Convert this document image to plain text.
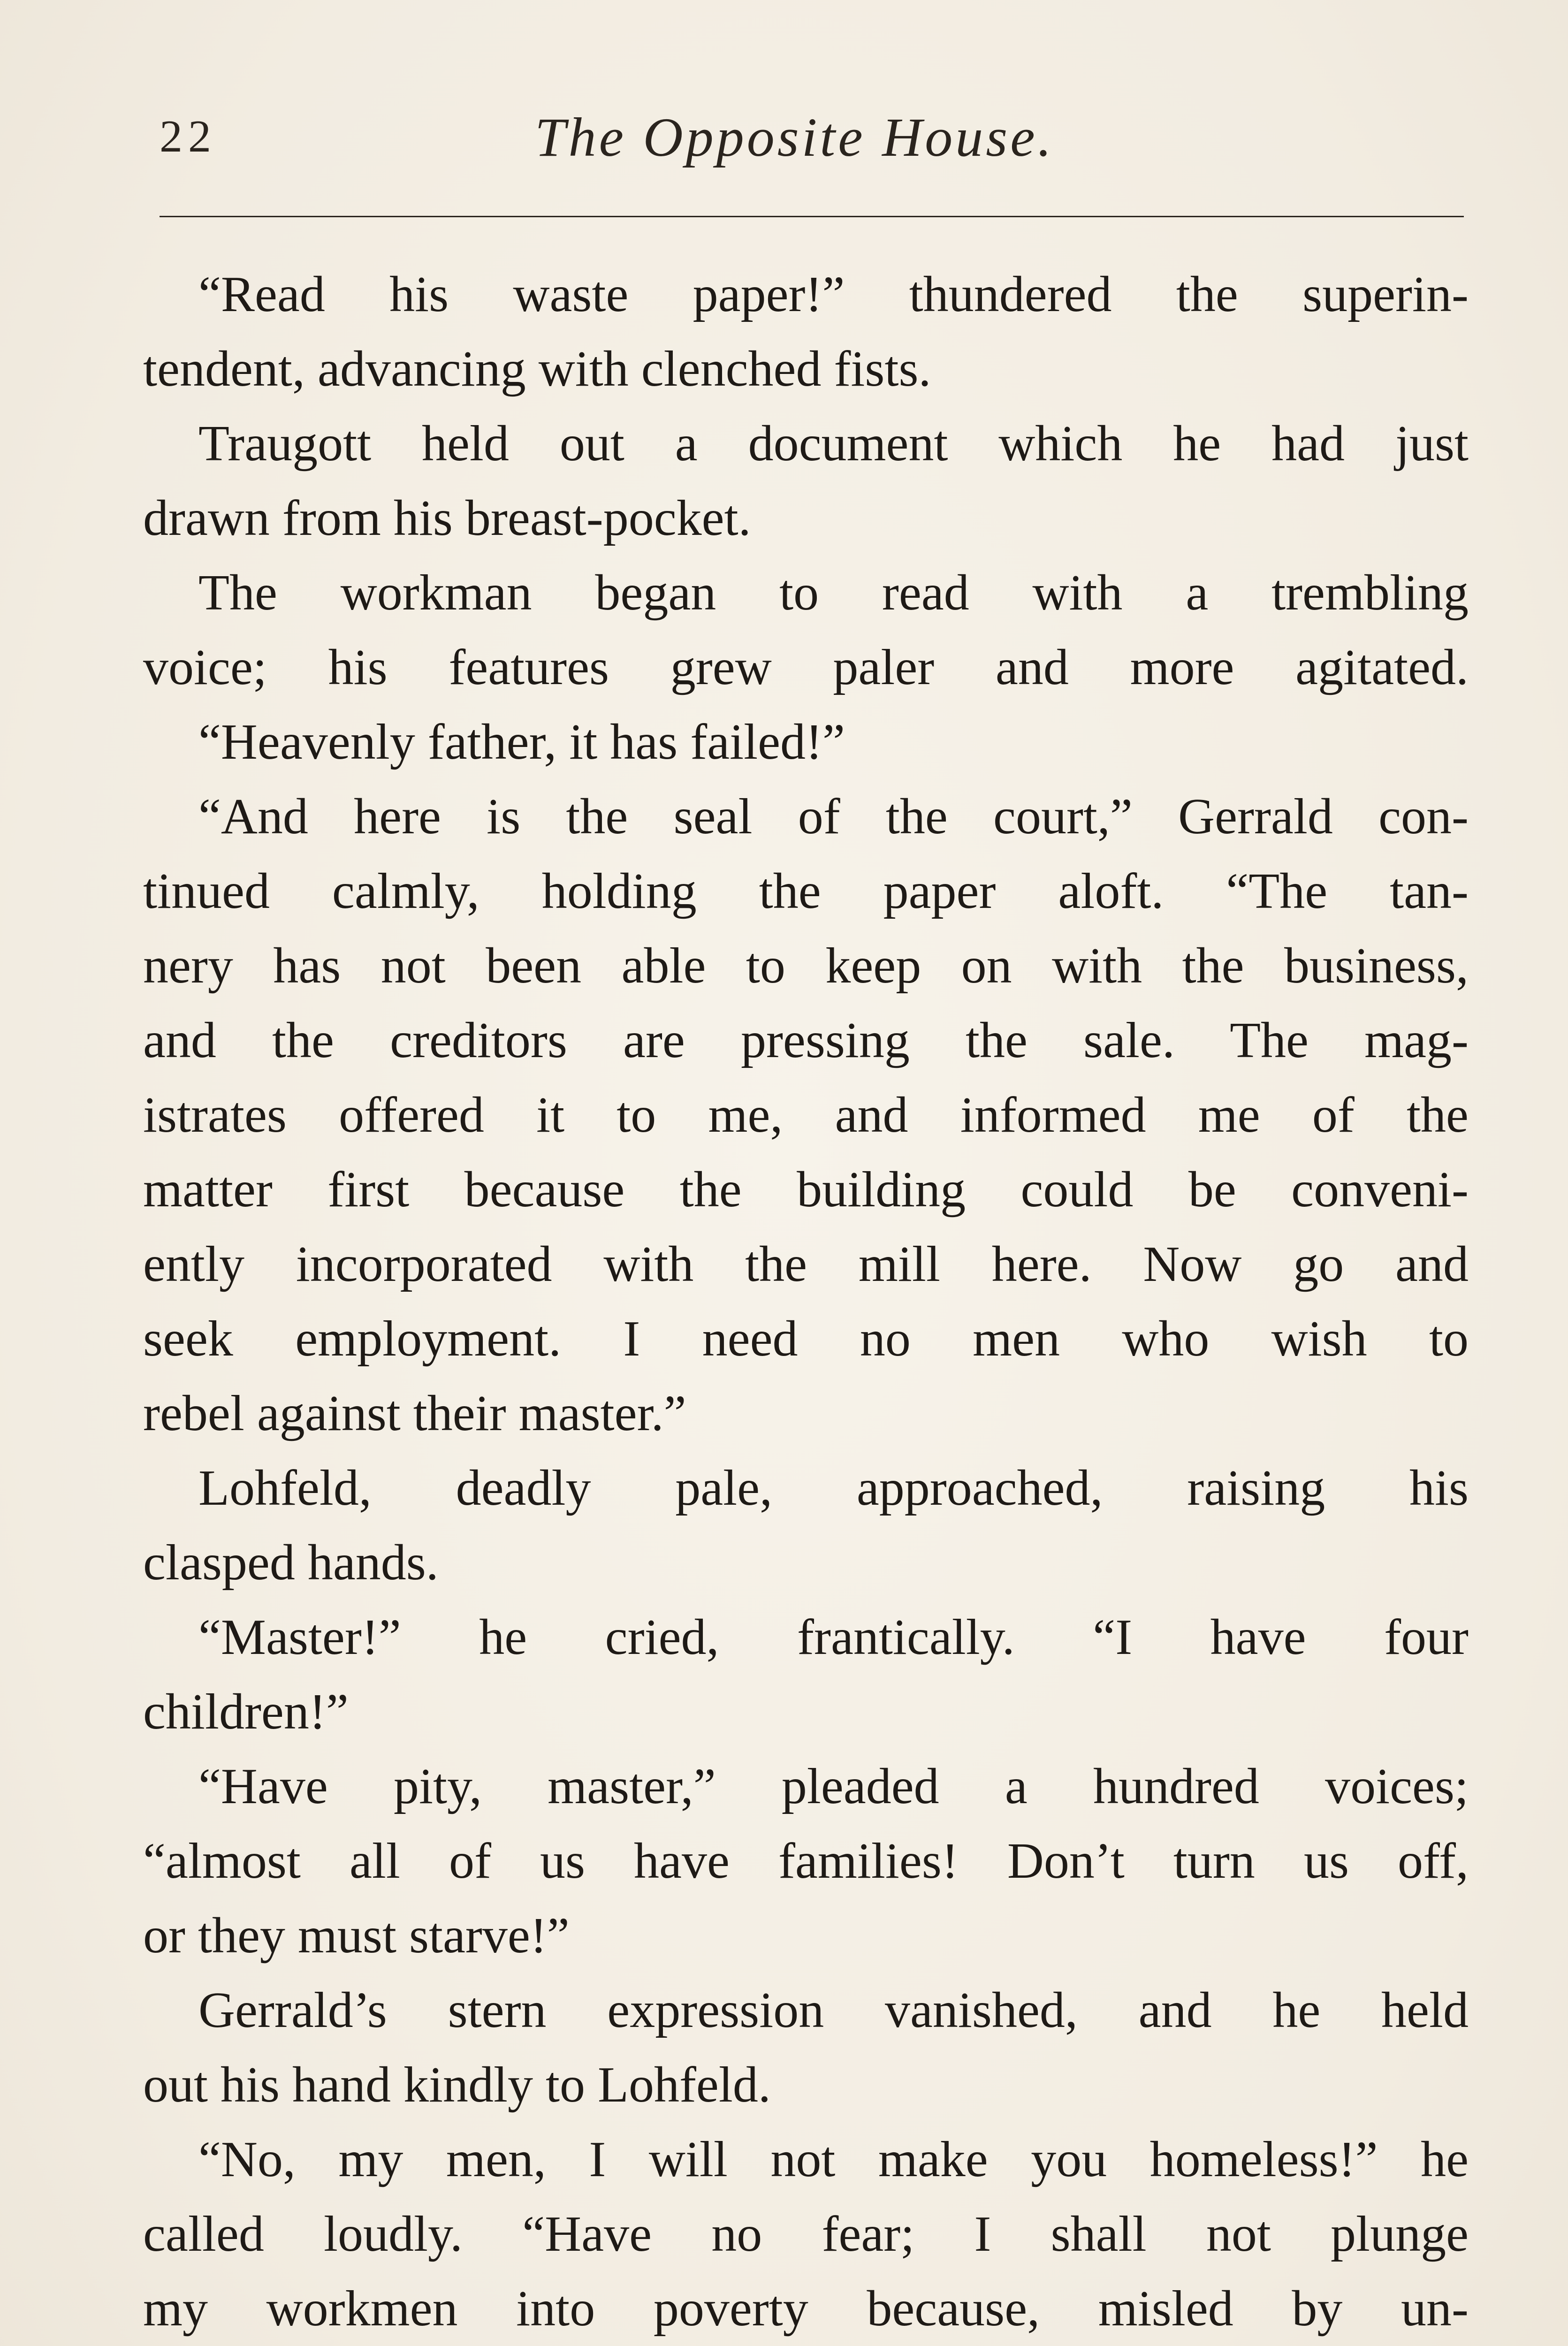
22	The Opposite House.
“Read his waste paper!” thundered the superin-
tendent, advancing with clenched fists.
Traugott held out a document which he had just
drawn from his breast-pocket.
The workman began to read with a trembling
voice; his features grew paler and more agitated.
“Heavenly father, it has failed!”
“And here is the seal of the court,” Gerrald con-
tinued calmly, holding the paper aloft. “The tan-
nery has not been able to keep on with the business,
and the creditors are pressing the sale. The mag-
istrates offered it to me, and informed me of the
matter first because the building could be conveni-
ently incorporated with the mill here. Now go and
seek employment. I need no men who wish to
rebel against their master.”
Lohfeld, deadly pale, approached, raising his
clasped hands.
“Master!” he cried, frantically. “I have four
children!”
“Have pity, master,” pleaded a hundred voices;
“almost all of us have families! Don’t turn us off,
or they must starve!”
Gerrald’s stern expression vanished, and he held
out his hand kindly to Lohfeld.
“No, my men, I will not make you homeless!” he
called loudly. “Have no fear; I shall not plunge
my workmen into poverty because, misled by un-
